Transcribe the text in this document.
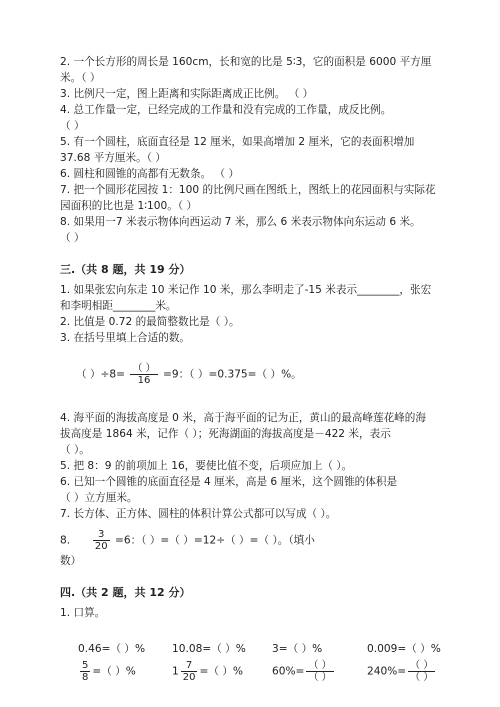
2. 一个长方形的周长是 160cm，长和宽的比是 5∶3，它的面积是 6000 平方厘
米。（ ）
3. 比例尺一定，图上距离和实际距离成正比例。 （ ）
4. 总工作量一定，已经完成的工作量和没有完成的工作量，成反比例。
（ ）
5. 有一个圆柱，底面直径是 12 厘米，如果高增加 2 厘米，它的表面积增加
37.68 平方厘米。（ ）
6. 圆柱和圆锥的高都有无数条。 （ ）
7. 把一个圆形花园按 1：100 的比例尺画在图纸上，图纸上的花园面积与实际花
园面积的比也是 1∶100。（ ）
8. 如果用一7 米表示物体向西运动 7 米，那么 6 米表示物体向东运动 6 米。
（ ）
三.（共 8 题，共 19 分）
1. 如果张宏向东走 10 米记作 10 米，那么李明走了-15 米表示________，张宏
和李明相距________米。
2. 比值是 0.72 的最简整数比是（ ）。
3. 在括号里填上合适的数。
（ ）$\div 8= \frac{( )}{16} =9$：（ ）=0.375=（ ）%。
4. 海平面的海拔高度是 0 米，高于海平面的记为正，黄山的最高峰莲花峰的海
拔高度是 1864 米，记作（ ）；死海湖面的海拔高度是－422 米，表示
（ ）。
5. 把 8：9 的前项加上 16，要使比值不变，后项应加上（ ）。
6. 已知一个圆锥的底面直径是 4 厘米，高是 6 厘米，这个圆锥的体积是
（ ）立方厘米。
7. 长方体、正方体、圆柱的体积计算公式都可以写成（ ）。
8. $\frac{3}{20} =6$：（ ）=（ ）=12÷（ ）=（ ）。（填小
数）
四.（共 2 题，共 12 分）
1. 口算。
0.46=（ ）%	10.08=（ ）% 3=（ ）%	0.009=（ ）%
$\frac{5}{8}$ =（ ）%	$1 \frac{7}{20}$ =（ ）%	$60\%= \frac{( )}{( )}$	$240\%= \frac{( )}{( )}$
